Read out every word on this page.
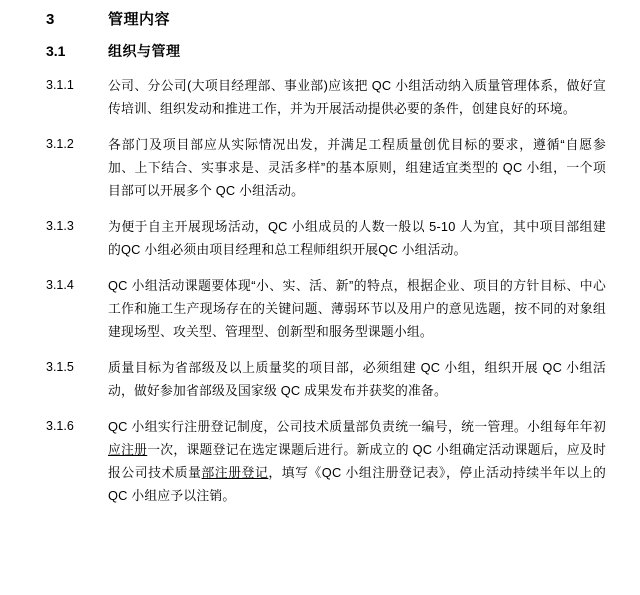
3	管理内容
3.1	组织与管理
3.1.1	公司、分公司(大项目经理部、事业部)应该把 QC 小组活动纳入质量管理体系，做好宣传培训、组织发动和推进工作，并为开展活动提供必要的条件，创建良好的环境。
3.1.2	各部门及项目部应从实际情况出发，并满足工程质量创优目标的要求，遵循“自愿参加、上下结合、实事求是、灵活多样”的基本原则，组建适宜类型的 QC 小组，一个项目部可以开展多个 QC 小组活动。
3.1.3	为便于自主开展现场活动，QC 小组成员的人数一般以 5-10 人为宜，其中项目部组建的QC 小组必须由项目经理和总工程师组织开展QC 小组活动。
3.1.4	QC 小组活动课题要体现“小、实、活、新”的特点，根据企业、项目的方针目标、中心工作和施工生产现场存在的关键问题、薄弱环节以及用户的意见选题，按不同的对象组建现场型、攻关型、管理型、创新型和服务型课题小组。
3.1.5	质量目标为省部级及以上质量奖的项目部，必须组建 QC 小组，组织开展 QC 小组活动，做好参加省部级及国家级 QC 成果发布并获奖的准备。
3.1.6	QC 小组实行注册登记制度，公司技术质量部负责统一编号，统一管理。小组每年年初应注册一次，课题登记在选定课题后进行。新成立的 QC 小组确定活动课题后，应及时报公司技术质量部注册登记，填写《QC 小组注册登记表》，停止活动持续半年以上的 QC 小组应予以注销。
